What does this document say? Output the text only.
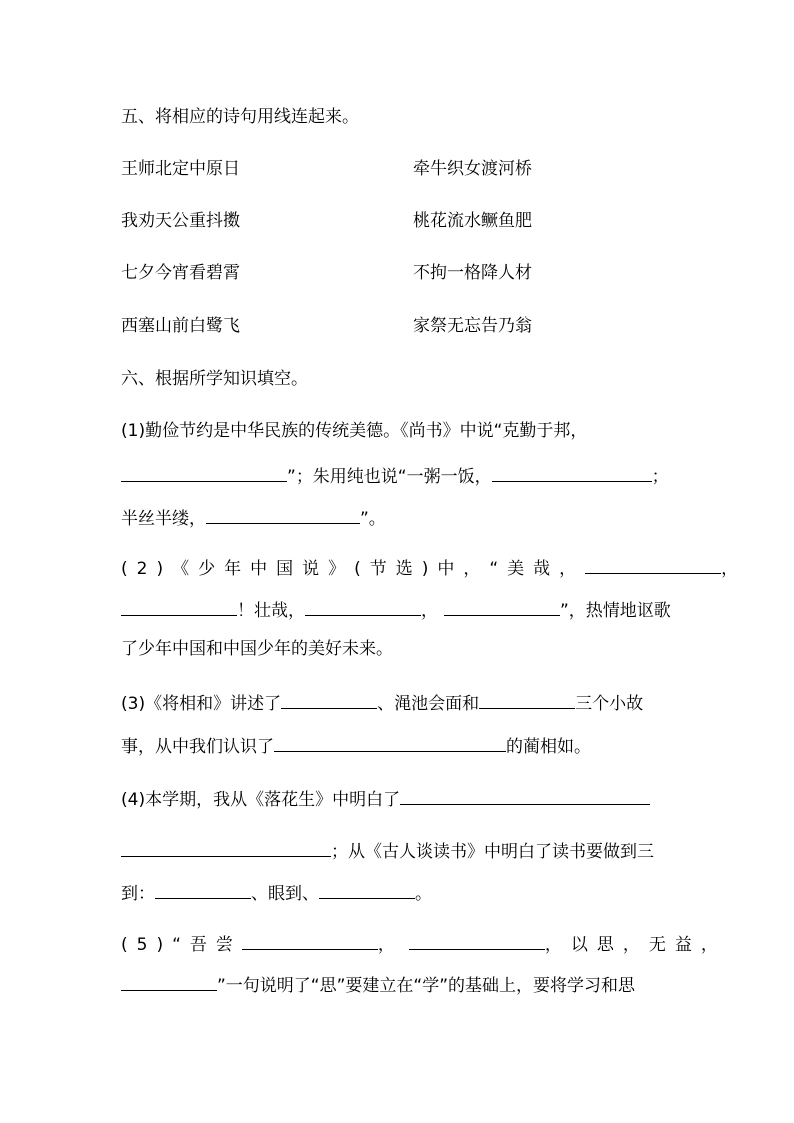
五、将相应的诗句用线连起来。
王师北定中原日	牵牛织女渡河桥
我劝天公重抖擞	桃花流水鳜鱼肥
七夕今宵看碧霄	不拘一格降人材
西塞山前白鹭飞	家祭无忘告乃翁
六、根据所学知识填空。
(1)勤俭节约是中华民族的传统美德。《尚书》中说“克勤于邦，
”；朱用纯也说“一粥一饭，	；
半丝半缕，	”。
(2)《少年中国说》(节选)中，“美哉，	，
！壮哉，	，	”，热情地讴歌
了少年中国和中国少年的美好未来。
(3)《将相和》讲述了	、渑池会面和	三个小故
事，从中我们认识了	的蔺相如。
(4)本学期，我从《落花生》中明白了
；从《古人谈读书》中明白了读书要做到三
到：	、眼到、	。
(5)“吾尝	，	，以思，无益，
”一句说明了“思”要建立在“学”的基础上，要将学习和思
